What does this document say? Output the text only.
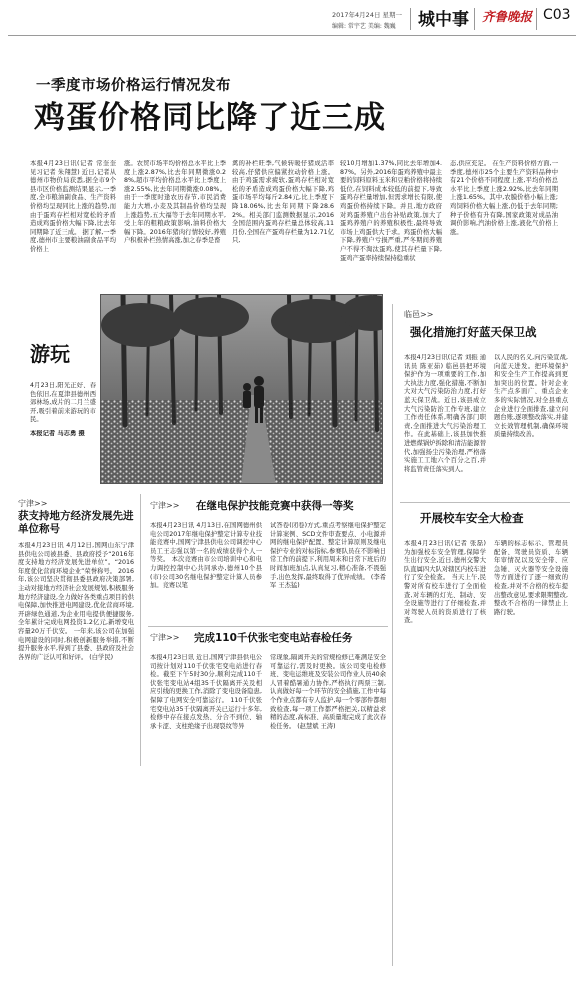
2017年4月24日 星期一
编辑: 常宇艺 美编: 魏巍 城中事 齐鲁晚报 C03
一季度市场价格运行情况发布
鸡蛋价格同比降了近三成
本报4月23日讯(记者 常奎奎 见习记者 朱翔慧) 近日,记者从德州市物价局获悉,据全市9个县市区价格监测结果显示,一季度,全市粮油副食品、生产资料价格均呈现同比上涨的趋势,而由于蛋鸡存栏相对宽松的矛盾造成鸡蛋价格大幅下降,比去年同期降了近三成。 据了解,一季度,德州市主要粮油副食品平均价格上
涨。农贸市场平均价格总水平比上季度上涨2.87%,比去年同期微涨0.28%,超市平均价格总水平比上季度上涨2.55%,比去年同期微涨0.08%。由于一季度时逢农历春节,市民消费能力大增,小麦及其制品价格均呈现上涨趋势,五大福等于去年同期水平,受上年的粗粮政策影响,油料价格大幅下降。2016年猪肉行情较好,养殖户积极补栏热情高涨,加之春季是畜
禽的补栏旺季,气候转暖仔猪成活率较高,仔猪供应偏紧拉动价格上涨。 由于鸡蛋需求疲软,蛋鸡存栏相对宽松的矛盾造成鸡蛋价格大幅下降,鸡蛋市场平均每斤2.84元,比上季度下降18.06%,比去年同期下降28.62%。相关部门监测数据显示,2016全国范围内蛋鸡存栏量总体较高,11月份,全国在产蛋鸡存栏量为12.71亿只,
较10月增加1.37%,同比去年增加4.87%。另外,2016年蛋鸡养殖中最主要的饲料原料玉米和豆粕价格将持续低位,在饲料成本较低的前提下,导致蛋鸡存栏量增加,但需求增长有限,使鸡蛋价格持续下降。并且,地方政府对鸡蛋养殖户出台补贴政策,加大了蛋鸡养殖户的养殖积极性,最终导致市场上鸡蛋供大于求。鸡蛋价格大幅下降,养殖户亏损严重,严冬期间养殖户不得不淘汰蛋鸡,使其存栏量下降,蛋鸡产蛋率持续保持稳重状
态,供应充足。 在生产资料价格方面,一季度,德州市25个主要生产资料品种中有21个价格不同程度上涨,平均价格总水平比上季度上涨2.92%,比去年同期上涨1.65%。其中,农膜价格小幅上涨;鸡饲料价格大幅上涨,仍低于去年同期;种子价格有升有降,国家政策对成品油调价影响,汽油价格上涨,液化气价格上涨。
游玩
4月23日,阳光正好、春色依旧,在夏津县德州西郊林场,成片的二月兰盛开,吸引着前来游玩的市民。
本报记者 马志勇 摄
临邑>>
强化措施打好蓝天保卫战
本报4月23日讯(记者 刘振 通讯员 陈亚茹) 临邑县把环境保护作为一项重要的工作,加大执法力度,强化措施,不断加大对大气污染防治力度,打好蓝天保卫战。近日,该县成立大气污染防治工作专班,建立工作责任体系,明确各部门职责,全面推进大气污染治理工作。在此基础上,该县加快推进燃煤锅炉拆除和清洁能源替代,加强扬尘污染治理,严格落实施工工地六个百分之百,并将监管责任落实到人。
以人民的名义,向污染宣战,向蓝天进发。把环境保护和安全生产工作提高到更加突出的位置。针对企业生产点多面广、重点企业多的实际情况,对全县重点企业进行全面排查,建立问题台账,逐项整改落实,并建立长效管理机制,确保环境质量持续改善。
开展校车安全大检查
本报4月23日讯(记者 张磊) 为加强校车安全管理,保障学生出行安全,近日,德州交警大队直属四大队对辖区内校车进行了安全检查。 当天上午,民警对所有校车进行了全面检查,对车辆的灯光、制动、安全设施等进行了仔细检查,并对驾驶人员的资质进行了核查。
车辆的标志标示、管理员配备、驾驶员资质、车辆年审情况以及安全带、应急锤、灭火器等安全设施等方面进行了逐一细致的检查,并对不合格的校车提出整改意见,要求限期整改,整改不合格的一律禁止上路行驶。
宁津>>
获支持地方经济发展先进单位称号
本报4月23日讯 4月12日,国网山东宁津县供电公司被县委、县政府授予“2016年度支持地方经济发展先进单位”。“2016年度优化营商环境企业”荣誉称号。 2016年,该公司坚决贯彻县委县政府决策部署,主动对接地方经济社会发展规划,积极服务地方经济建设,全力做好各类重点项目的供电保障,加快推进电网建设,优化营商环境,开辟绿色通道,为企业用电提供便捷服务,全年累计完成电网投资1.2亿元,新增变电容量20万千伏安。 一年来,该公司在加强电网建设的同时,积极创新服务举措,不断提升服务水平,得到了县委、县政府及社会各界的广泛认可和好评。 (白学民)
宁津>> 在继电保护技能竞赛中获得一等奖
本报4月23日讯 4月13日,在国网德州供电公司2017年继电保护整定计算专业技能竞赛中,国网宁津县供电公司调控中心员工王志强以第一名的成绩获得个人一等奖。 本次竞赛由市公司培训中心和电力调控控制中心共同承办,德州10个县(市)公司30名继电保护整定计算人员参加。竞赛以笔
试答卷(闭卷)方式,重点考察继电保护整定计算案例、SCD文件审查要点、小电源并网的继电保护配置、整定计算原则及继电保护专业的对标指标,参赛队员在不影响日常工作的前提下,利用周末和日常下班后的时间加班加点,认真复习,精心准备,不畏强手,出色发挥,最终取得了优异成绩。 (李希军 王杰猛)
宁津>> 完成110千伏张宅变电站春检任务
本报4月23日讯 近日,国网宁津县供电公司按计划对110千伏张宅变电站进行春检。截至下午5时30分,顺利完成110千伏张宅变电站4组35千伏隔离开关及相应引线的更换工作,消除了变电设备隐患,保障了电网安全可靠运行。 110千伏张宅变电站35千伏隔离开关已运行十多年,检修中存在接点发热、分合不到位、轴承卡涩、支柱绝缘子出现裂纹等异
常现象,隔离开关的常规检修已难满足安全可靠运行,需及时更换。该公司变电检修班、变电运维班及安装公司作业人员40余人冒着酷暑通力协作,严格执行两票三制,认真做好每一个环节的安全措施,工作中每个作业点都有专人监护,每一个零部件都细致检查,每一项工作都严格把关,以精益求精的态度,高标准、高质量地完成了此次春检任务。 (赵慧斌 王涛)
